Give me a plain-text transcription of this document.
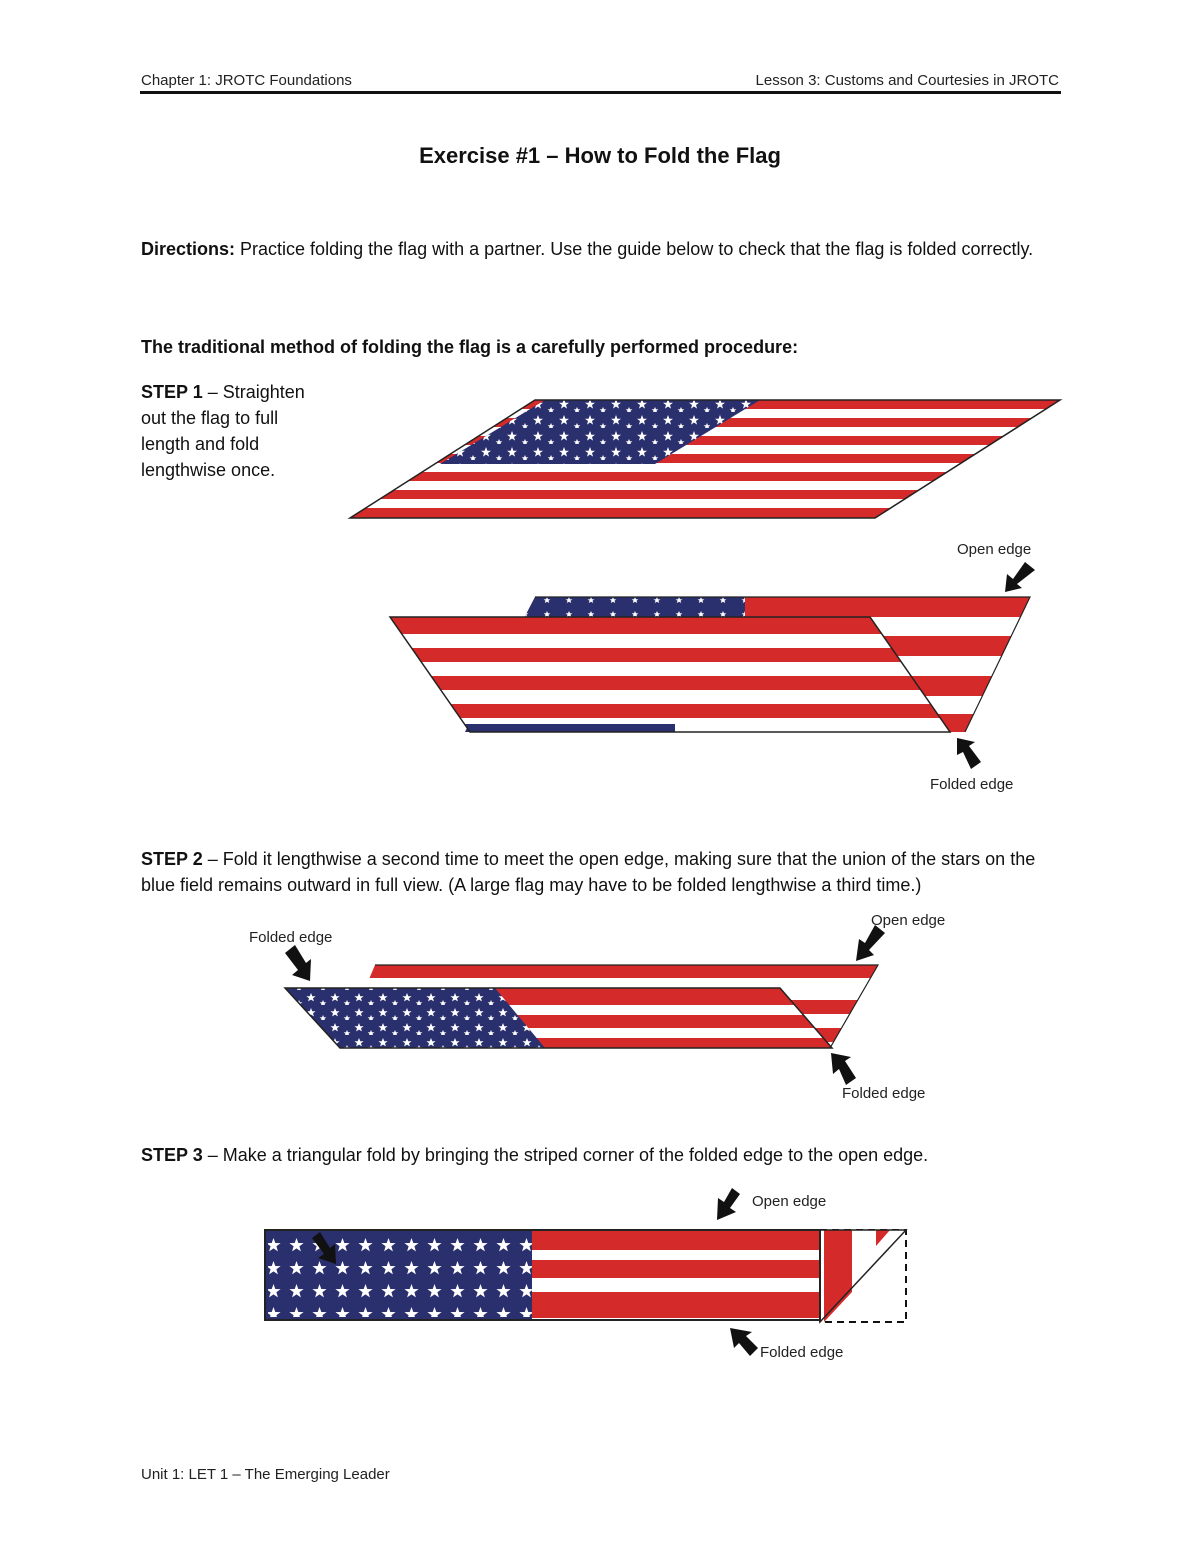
Chapter 1: JROTC Foundations	Lesson 3: Customs and Courtesies in JROTC
Exercise #1 – How to Fold the Flag
Directions: Practice folding the flag with a partner. Use the guide below to check that the flag is folded correctly.
The traditional method of folding the flag is a carefully performed procedure:
STEP 1 – Straighten out the flag to full length and fold lengthwise once.
Open edge
Folded edge
STEP 2 – Fold it lengthwise a second time to meet the open edge, making sure that the union of the stars on the blue field remains outward in full view. (A large flag may have to be folded lengthwise a third time.)
Folded edge
Open edge
Folded edge
STEP 3 – Make a triangular fold by bringing the striped corner of the folded edge to the open edge.
Open edge
Folded edge
Unit 1: LET 1 – The Emerging Leader
